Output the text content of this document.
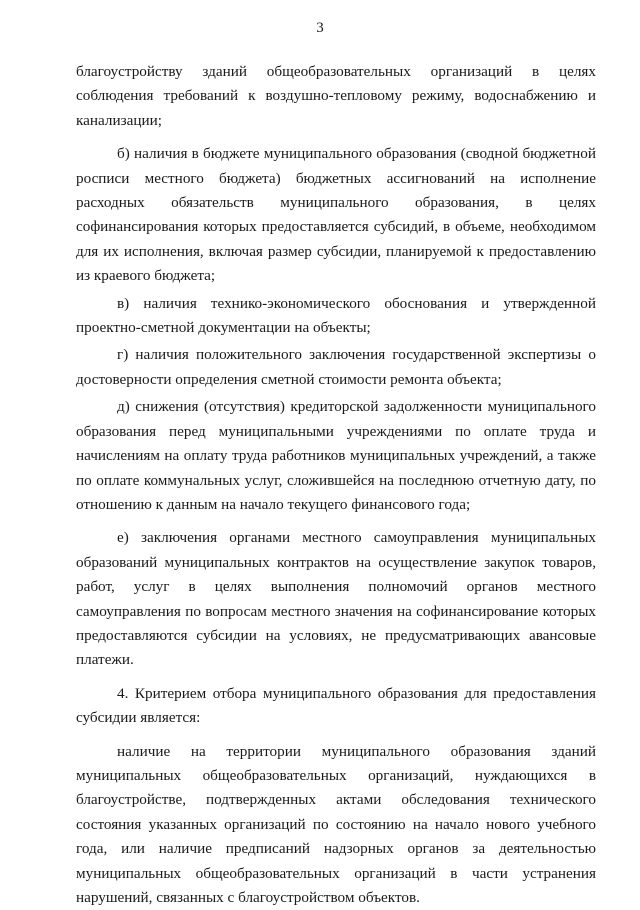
3

благоустройству зданий общеобразовательных организаций в целях соблюдения требований к воздушно-тепловому режиму, водоснабжению и канализации;

б) наличия в бюджете муниципального образования (сводной бюджетной росписи местного бюджета) бюджетных ассигнований на исполнение расходных обязательств муниципального образования, в целях софинансирования которых предоставляется субсидий, в объеме, необходимом для их исполнения, включая размер субсидии, планируемой к предоставлению из краевого бюджета;

в) наличия технико-экономического обоснования и утвержденной проектно-сметной документации на объекты;

г) наличия положительного заключения государственной экспертизы о достоверности определения сметной стоимости ремонта объекта;

д) снижения (отсутствия) кредиторской задолженности муниципального образования перед муниципальными учреждениями по оплате труда и начислениям на оплату труда работников муниципальных учреждений, а также по оплате коммунальных услуг, сложившейся на последнюю отчетную дату, по отношению к данным на начало текущего финансового года;

е) заключения органами местного самоуправления муниципальных образований муниципальных контрактов на осуществление закупок товаров, работ, услуг в целях выполнения полномочий органов местного самоуправления по вопросам местного значения на софинансирование которых предоставляются субсидии на условиях, не предусматривающих авансовые платежи.

4. Критерием отбора муниципального образования для предоставления субсидии является:

наличие на территории муниципального образования зданий муниципальных общеобразовательных организаций, нуждающихся в благоустройстве, подтвержденных актами обследования технического состояния указанных организаций по состоянию на начало нового учебного года, или наличие предписаний надзорных органов за деятельностью муниципальных общеобразовательных организаций в части устранения нарушений, связанных с благоустройством объектов.
